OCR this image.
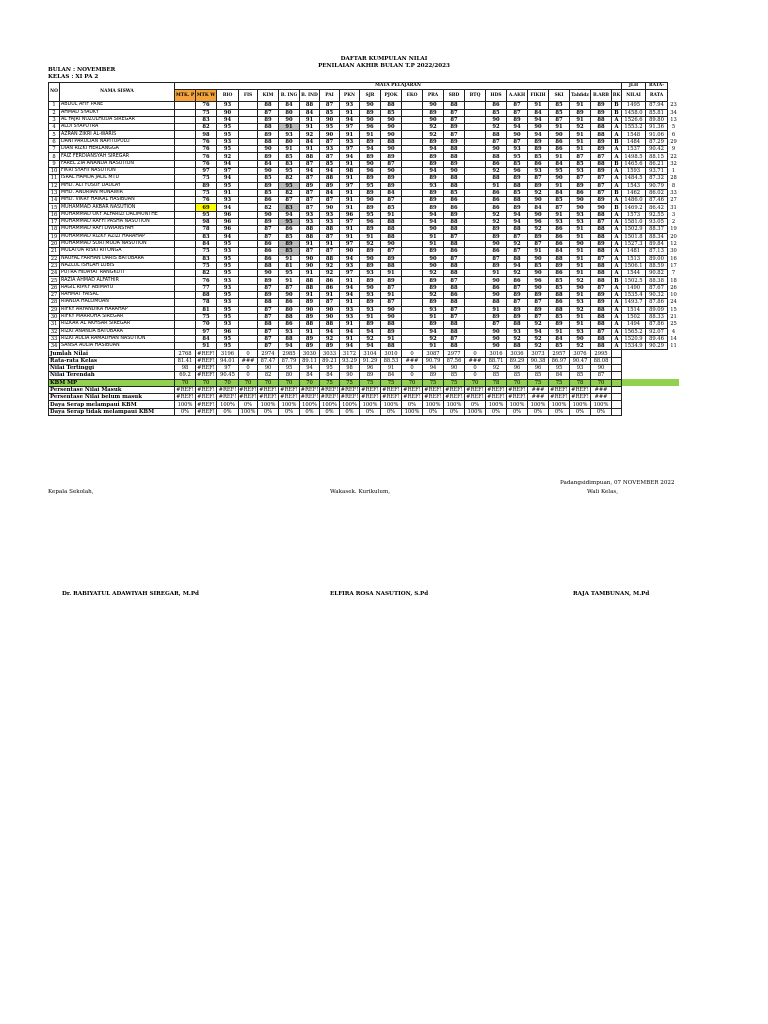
DAFTAR KUMPULAN NILAI
PENILAIAN AKHIR BULAN T.P 2022/2023
BULAN : NOVEMBER
KELAS : XI PA 2
NO	NAMA SISWA	MATA PELAJARAN																						JLH	RATA-	
		MTK. P	MTK W	BIO	FIS	KIM	B. ING	B. IND	PAI	PKN	SJR	PJOK	EKO	PRA	SBD	BTQ	HDS	A.AKH	FIKIH	SKI	Tahfidz	B.ARB	BK	NILAI	RATA	
1	ABDUL AFIF PANE		76	93		88	84	88	87	93	90	88		90	88		86	87	91	85	91	89	B	1495	87.94	23
2	AHMAD SYAUKY		75	90		87	80	84	85	91	89	85		89	87		85	87	84	85	89	89	B	1458.0	85.81	34
3	AL FAJRI NUZULHUDA SIREGAR		83	94		89	90	91	90	94	90	90		90	87		90	89	94	87	91	88	A	1526.6	89.80	13
4	ALDI SYAPUTRA		82	95		88	91	91	95	97	96	90		92	89		92	94	90	91	92	88	A	1553.2	91.36	5
5	AZRAN ZIKRI AL-WARIS		98	95		89	93	92	90	91	91	90		92	87		88	90	94	90	91	88	A	1548	91.06	6
6	DANI PARULIAN NAPITUPULU		76	93		88	80	84	87	93	89	88		89	89		87	87	89	86	91	89	B	1484	87.29	29
7	DIAN RIZKI HERLANGGA		76	95		90	91	91	93	97	94	90		94	88		90	93	89	86	91	89	A	1537	90.42	9
8	FAIZ FERDIANSYAH SIREGAR		76	92		89	85	88	87	94	89	89		89	88		88	95	85	91	87	87	A	1498.5	88.15	22
9	FAREL ZIA ANANDA NASUTION		76	94		84	83	87	85	91	90	87		89	89		86	85	86	84	85	88	B	1465.6	86.21	32
10	FIKRI SYAFII NASUTION		97	97		90	95	94	94	98	96	90		94	90		92	96	93	95	93	89	A	1593	93.71	1
11	ISRAL HAMDA JALIL MTD		75	94		85	82	87	88	91	89	89		89	88		88	89	87	90	87	87	A	1484.5	87.32	28
12	MHD. ALI YUSUF DAULAY		89	95		89	95	89	89	97	95	89		93	88		91	88	89	91	89	87	A	1543	90.79	8
13	MHD. ANDRIAN MUNAWIR		75	91		85	82	87	84	91	89	84		89	85		86	85	92	84	86	87	B	1462	86.02	33
14	MHD. VIKRY HAIKAL HASIBUAN		76	93		86	87	87	87	91	90	87		89	86		86	88	90	85	90	89	A	1486.0	87.46	27
15	MUHAMMAD AKBAR NASUTION		69	94		82	83	87	90	91	89	85		89	86		86	89	84	87	90	90	B	1469.2	86.42	31
16	MUHAMMAD OKY ALFARIZI DALIMUNTHE		95	96		90	94	93	93	96	95	91		94	89		92	94	90	91	93	88	A	1573	92.55	3
17	MUHAMMAD RAFFI PASHA NASUTION		98	96		89	95	93	93	97	96	88		94	88		92	94	96	93	93	87	A	1581.0	93.05	2
18	MUHAMMAD RAFI DWIANSYAH		78	96		87	86	88	88	91	89	88		90	88		89	88	92	86	91	88	A	1502.9	88.37	19
19	MUHAMMAD RIZKY AZIZI HARAHAP		83	94		87	85	88	87	91	91	88		91	87		89	87	89	86	91	88	A	1501.8	88.34	20
20	MUHAMMAD SORI MUDA NASUTION		84	95		86	89	91	91	97	92	90		91	88		90	92	87	86	90	89	A	1527.3	89.84	12
21	MULATUA RISKI RITONGA		75	93		86	85	87	87	90	89	87		89	86		86	87	91	84	91	88	A	1481	87.13	30
22	NAUFAL FARHAN DARIS BATUBARA		83	95		86	91	90	88	94	90	89		90	87		87	88	90	88	91	87	A	1513	89.00	16
23	NAZLUL ISHLAH LUBIS		75	95		88	81	90	92	93	89	88		90	88		89	94	85	89	91	88	A	1506.1	88.59	17
24	PUTRA HIDAYAT RANGKUTI		82	95		90	95	91	92	97	93	91		92	88		91	92	90	86	91	88	A	1544	90.82	7
25	RAZIA AHMAD ALFATHIR		76	93		89	91	88	86	91	89	89		89	87		90	86	96	85	92	88	B	1502.5	88.38	18
26	RAGIL RIPKY ABIMAYU		77	93		87	87	88	86	94	90	87		89	88		86	87	90	85	90	87	A	1490	87.67	26
27	RAHMAT FAISAL		88	95		89	90	91	91	94	93	91		92	86		90	89	89	88	91	89	A	1535.4	90.32	10
28	RIANDA HALOMOAN		78	93		88	86	89	87	91	89	87		89	88		88	87	87	86	93	89	A	1493.7	87.86	24
29	RIFKY ARYANDIKA HARAHAP		81	95		87	80	90	90	93	93	90		93	87		91	89	89	88	92	88	A	1514	89.09	15
30	RIFKY MARROHA SIREGAR		75	95		87	88	89	90	93	91	90		91	87		89	89	87	85	91	88	A	1502	88.33	21
31	RIZKAR AL AKHSAR SIREGAR		70	93		88	86	88	88	91	89	88		89	88		87	88	92	89	91	88	A	1494	87.86	25
32	RIZKI ANANDA BATUBARA		97	96		87	93	91	94	94	94	89		94	88		90	93	94	91	93	87	A	1565.2	92.07	4
33	RIZKI AULIA RAMADHAN NASUTION		84	95		87	88	89	92	91	92	91		92	87		90	92	92	84	90	88	A	1520.9	89.46	14
34	SANSA AULIA HASIBUAN		91	95		87	94	89	89	94	94	88		91	88		90	88	92	85	92	88	A	1534.9	90.29	11
Jumlah Nilai		2768	#REF!	3196	0	2974	2985	3030	3033	3172	3104	3010	0	3087	2977	0	3016	3036	3073	2957	3076	2995				
Rata-rata Kelas		81.41	#REF!	94.01	###	87.47	87.79	89.11	89.21	93.29	91.29	88.53	###	90.79	87.56	###	88.71	89.29	90.38	86.97	90.47	88.08				
Nilai Tertinggi		98	#REF!	97	0	90	95	94	95	98	96	91	0	94	90	0	92	96	96	95	93	90				
Nilai Terendah		69.2	#REF!	90.45	0	82	80	84	84	90	89	84	0	89	85	0	85	85	85	84	85	87				
KBM MP		70	70	70	70	70	70	70	75	75	75	75	70	75	75	70	78	70	75	75	78	70				
Persentase Nilai Masuk		#REF!	#REF!	#REF!	#REF!	#REF!	#REF!	#REF!	#REF!	#REF!	#REF!	#REF!	#REF!	#REF!	#REF!	#REF!	#REF!	#REF!	###	#REF!	#REF!	###				
Persentase Nilai belum masuk		#REF!	#REF!	#REF!	#REF!	#REF!	#REF!	#REF!	#REF!	#REF!	#REF!	#REF!	#REF!	#REF!	#REF!	#REF!	#REF!	#REF!	###	#REF!	#REF!	###				
Daya Serap melampaui KBM		100%	#REF!	100%	0%	100%	100%	100%	100%	100%	100%	100%	0%	100%	100%	0%	100%	100%	100%	100%	100%	100%				
Daya Serap tidak melampaui KBM		0%	#REF!	0%	100%	0%	0%	0%	0%	0%	0%	0%	100%	0%	0%	100%	0%	0%	0%	0%	0%	0%				
Padangsidimpuan, 07 NOVEMBER 2022
Kepala Sekolah,	Wakasek. Kurikulum,	Wali Kelas,
Dr. RABIYATUL ADAWIYAH SIREGAR, M.Pd	ELFIRA ROSA NASUTION, S.Pd	RAJA TAMBUNAN, M.Pd
